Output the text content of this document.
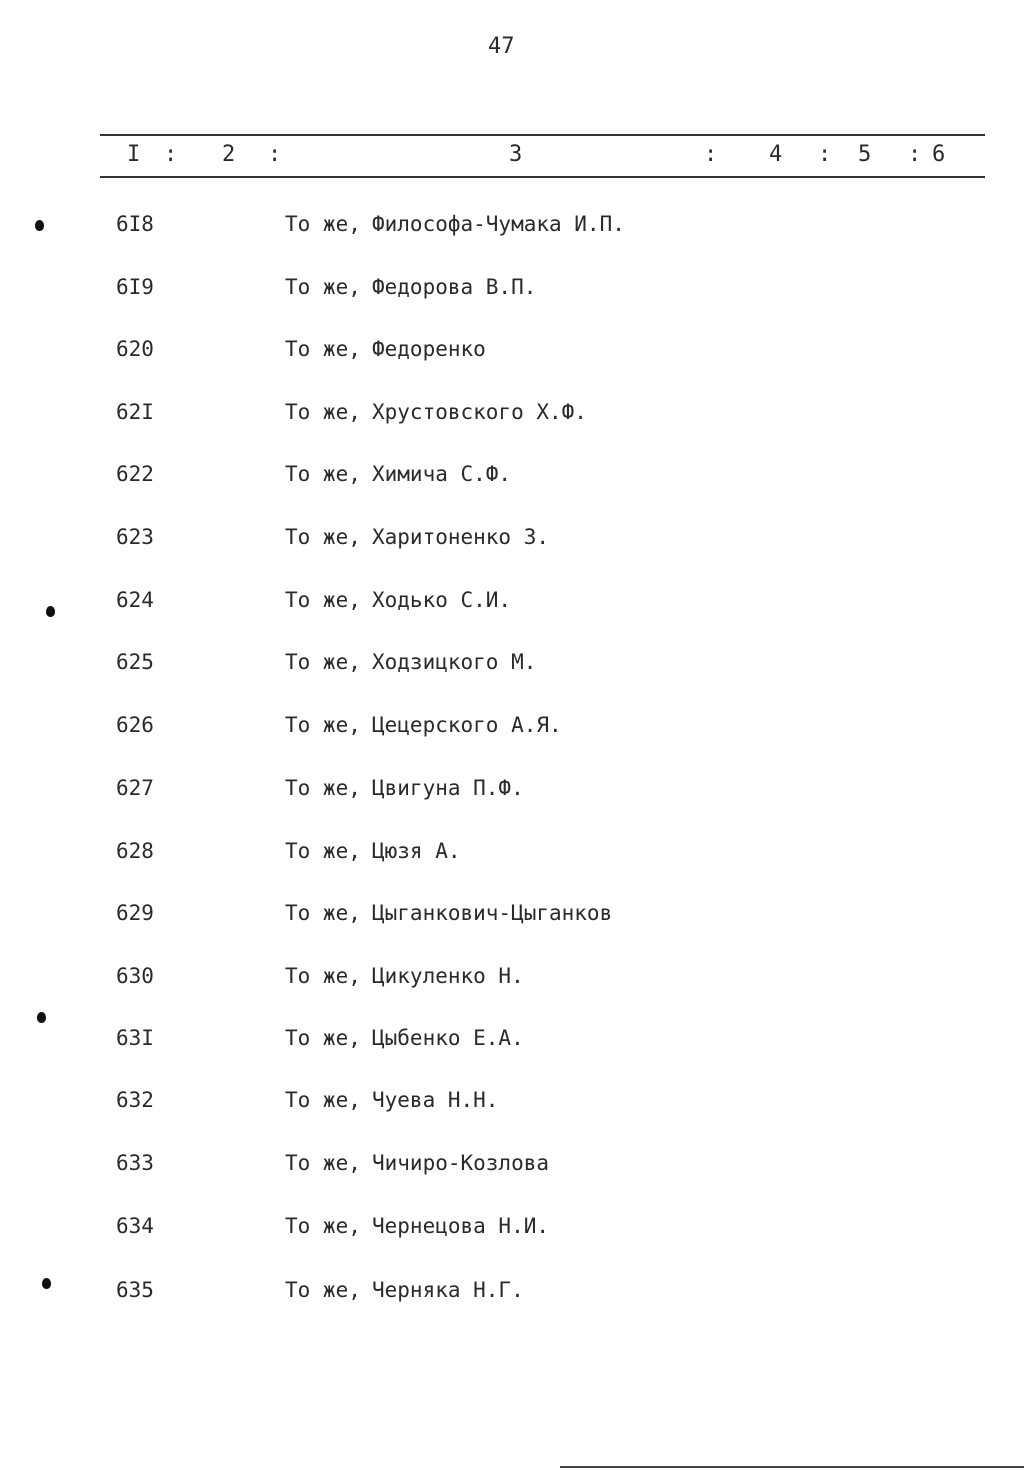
47
I : 2 :	3	: 4 : 5 : 6
6I8	То же, Философа-Чумака И.П.
6I9	То же, Федорова В.П.
620	То же, Федоренко
62I	То же, Хрустовского Х.Ф.
622	То же, Химича С.Ф.
623	То же, Харитоненко З.
624	То же, Ходько С.И.
625	То же, Ходзицкого М.
626	То же, Цецерского А.Я.
627	То же, Цвигуна П.Ф.
628	То же, Цюзя А.
629	То же, Цыганкович-Цыганков
630	То же, Цикуленко Н.
63I	То же, Цыбенко Е.А.
632	То же, Чуева Н.Н.
633	То же, Чичиро-Козлова
634	То же, Чернецова Н.И.
635	То же, Черняка Н.Г.
